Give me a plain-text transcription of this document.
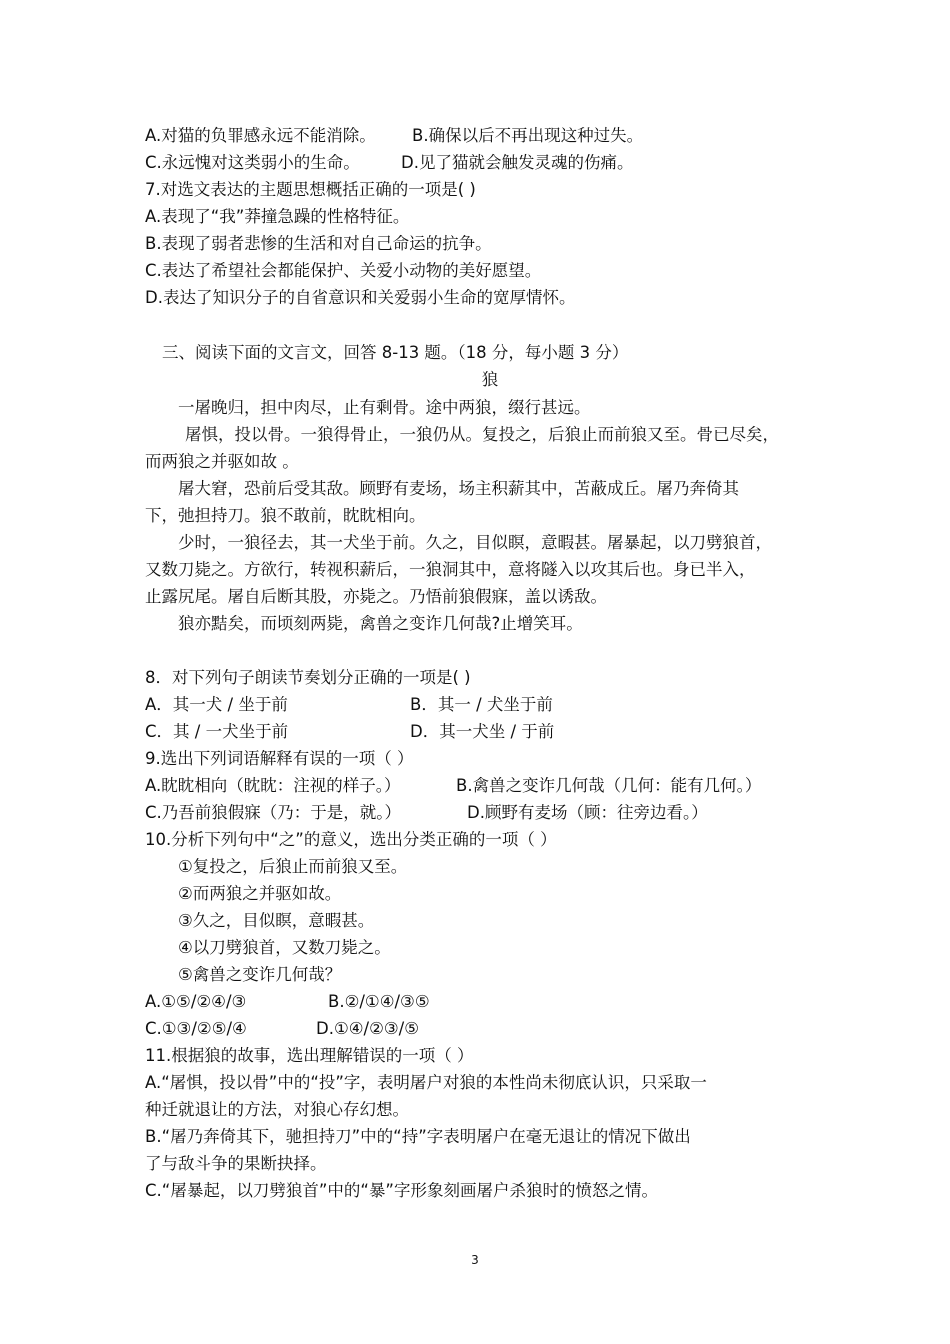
A.对猫的负罪感永远不能消除。 B.确保以后不再出现这种过失。
C.永远愧对这类弱小的生命。 D.见了猫就会触发灵魂的伤痛。
7.对选文表达的主题思想概括正确的一项是( )
A.表现了“我”莽撞急躁的性格特征。
B.表现了弱者悲惨的生活和对自己命运的抗争。
C.表达了希望社会都能保护、关爱小动物的美好愿望。
D.表达了知识分子的自省意识和关爱弱小生命的宽厚情怀。
三、阅读下面的文言文，回答 8-13 题。（18 分，每小题 3 分）
狼
一屠晚归，担中肉尽，止有剩骨。途中两狼，缀行甚远。
屠惧，投以骨。一狼得骨止，一狼仍从。复投之，后狼止而前狼又至。骨已尽矣，
而两狼之并驱如故 。
屠大窘，恐前后受其敌。顾野有麦场，场主积薪其中，苫蔽成丘。屠乃奔倚其
下，弛担持刀。狼不敢前，眈眈相向。
少时，一狼径去，其一犬坐于前。久之，目似瞑，意暇甚。屠暴起，以刀劈狼首，
又数刀毙之。方欲行，转视积薪后，一狼洞其中，意将隧入以攻其后也。身已半入，
止露尻尾。屠自后断其股，亦毙之。乃悟前狼假寐，盖以诱敌。
狼亦黠矣，而顷刻两毙，禽兽之变诈几何哉?止增笑耳。
8．对下列句子朗读节奏划分正确的一项是( )
A．其一犬 / 坐于前	B．其一 / 犬坐于前
C．其 / 一犬坐于前	D．其一犬坐 / 于前
9.选出下列词语解释有误的一项（ ）
A.眈眈相向（眈眈：注视的样子。）	B.禽兽之变诈几何哉（几何：能有几何。）
C.乃吾前狼假寐（乃：于是，就。）	D.顾野有麦场（顾：往旁边看。）
10.分析下列句中“之”的意义，选出分类正确的一项（ ）
①复投之，后狼止而前狼又至。
②而两狼之并驱如故。
③久之，目似瞑，意暇甚。
④以刀劈狼首，又数刀毙之。
⑤禽兽之变诈几何哉？
A.①⑤/②④/③	B.②/①④/③⑤
C.①③/②⑤/④	D.①④/②③/⑤
11.根据狼的故事，选出理解错误的一项（ ）
A.“屠惧，投以骨”中的“投”字，表明屠户对狼的本性尚未彻底认识，只采取一
种迁就退让的方法，对狼心存幻想。
B.“屠乃奔倚其下，驰担持刀”中的“持”字表明屠户在毫无退让的情况下做出
了与敌斗争的果断抉择。
C.“屠暴起，以刀劈狼首”中的“暴”字形象刻画屠户杀狼时的愤怒之情。
3
